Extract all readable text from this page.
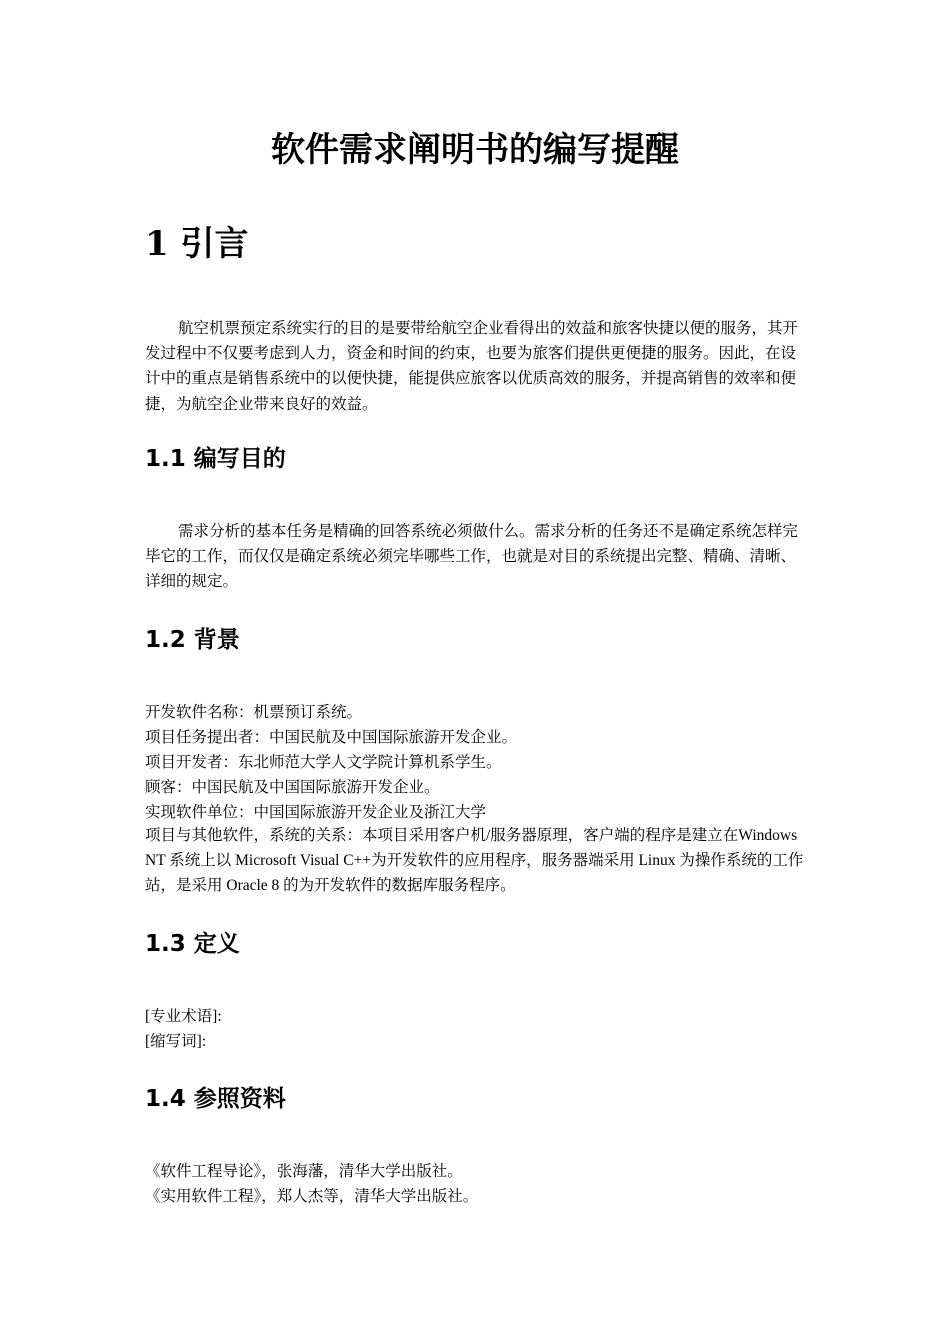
软件需求阐明书的编写提醒
1 引言

航空机票预定系统实行的目的是要带给航空企业看得出的效益和旅客快捷以便的服务，其开发过程中不仅要考虑到人力，资金和时间的约束，也要为旅客们提供更便捷的服务。因此，在设计中的重点是销售系统中的以便快捷，能提供应旅客以优质高效的服务，并提高销售的效率和便捷，为航空企业带来良好的效益。

1.1 编写目的

需求分析的基本任务是精确的回答系统必须做什么。需求分析的任务还不是确定系统怎样完毕它的工作，而仅仅是确定系统必须完毕哪些工作，也就是对目的系统提出完整、精确、清晰、详细的规定。

1.2 背景
开发软件名称：机票预订系统。
项目任务提出者：中国民航及中国国际旅游开发企业。
项目开发者：东北师范大学人文学院计算机系学生。
顾客：中国民航及中国国际旅游开发企业。
实现软件单位：中国国际旅游开发企业及浙江大学

项目与其他软件，系统的关系：本项目采用客户机/服务器原理，客户端的程序是建立在Windows NT 系统上以 Microsoft Visual C++为开发软件的应用程序，服务器端采用 Linux 为操作系统的工作站，是采用 Oracle 8 的为开发软件的数据库服务程序。

1.3 定义
[专业术语]:
[缩写词]:
1.4 参照资料
《软件工程导论》，张海藩，清华大学出版社。
《实用软件工程》，郑人杰等，清华大学出版社。
